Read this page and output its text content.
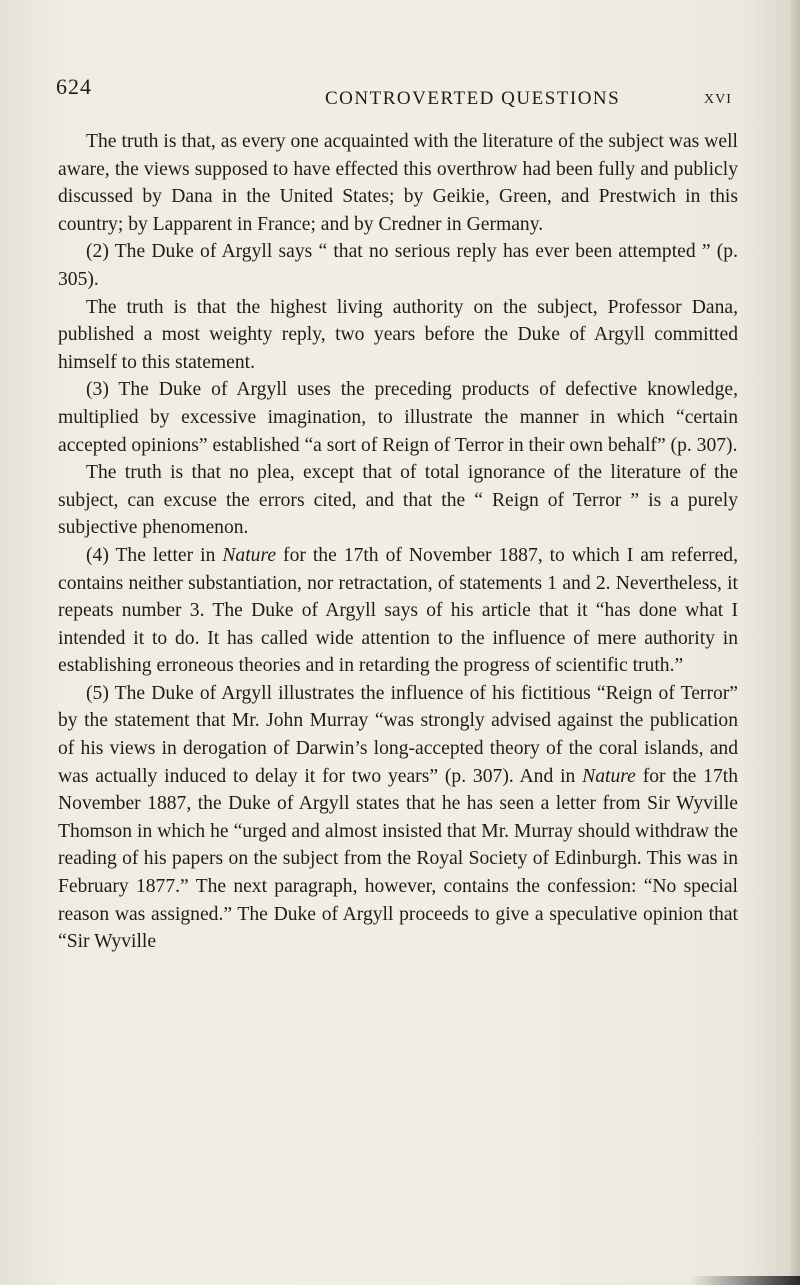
624	CONTROVERTED QUESTIONS	XVI

The truth is that, as every one acquainted with the literature of the subject was well aware, the views supposed to have effected this overthrow had been fully and publicly discussed by Dana in the United States; by Geikie, Green, and Prestwich in this country; by Lapparent in France; and by Credner in Germany.

(2) The Duke of Argyll says “ that no serious reply has ever been attempted ” (p. 305).

The truth is that the highest living authority on the subject, Professor Dana, published a most weighty reply, two years before the Duke of Argyll committed himself to this statement.

(3) The Duke of Argyll uses the preceding products of defective knowledge, multiplied by excessive imagination, to illustrate the manner in which “certain accepted opinions” established “a sort of Reign of Terror in their own behalf” (p. 307).

The truth is that no plea, except that of total ignorance of the literature of the subject, can excuse the errors cited, and that the “ Reign of Terror ” is a purely subjective phenomenon.

(4) The letter in Nature for the 17th of November 1887, to which I am referred, contains neither substantiation, nor retractation, of statements 1 and 2. Nevertheless, it repeats number 3. The Duke of Argyll says of his article that it “has done what I intended it to do. It has called wide attention to the influence of mere authority in establishing erroneous theories and in retarding the progress of scientific truth.”

(5) The Duke of Argyll illustrates the influence of his fictitious “Reign of Terror” by the statement that Mr. John Murray “was strongly advised against the publication of his views in derogation of Darwin’s long-accepted theory of the coral islands, and was actually induced to delay it for two years” (p. 307). And in Nature for the 17th November 1887, the Duke of Argyll states that he has seen a letter from Sir Wyville Thomson in which he “urged and almost insisted that Mr. Murray should withdraw the reading of his papers on the subject from the Royal Society of Edinburgh. This was in February 1877.” The next paragraph, however, contains the confession: “No special reason was assigned.” The Duke of Argyll proceeds to give a speculative opinion that “Sir Wyville
